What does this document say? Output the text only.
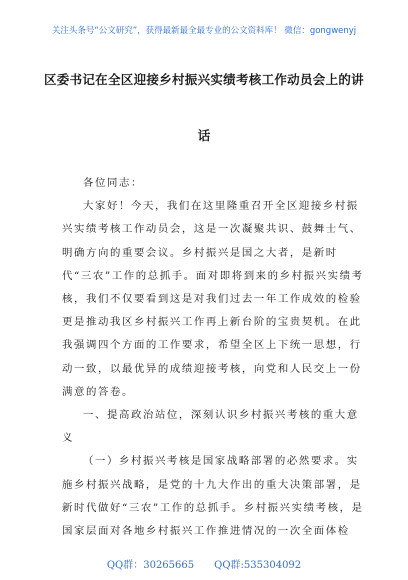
关注头条号“公文研究”，获得最新最全最专业的公文资料库！ 微信：gongwenyj
区委书记在全区迎接乡村振兴实绩考核工作动员会上的讲
话

各位同志：

大家好！今天，我们在这里隆重召开全区迎接乡村振兴实绩考核工作动员会，这是一次凝聚共识、鼓舞士气、明确方向的重要会议。乡村振兴是国之大者，是新时代“三农”工作的总抓手。面对即将到来的乡村振兴实绩考核，我们不仅要看到这是对我们过去一年工作成效的检验更是推动我区乡村振兴工作再上新台阶的宝贵契机。在此我强调四个方面的工作要求，希望全区上下统一思想，行动一致，以最优异的成绩迎接考核，向党和人民交上一份满意的答卷。

一、提高政治站位，深刻认识乡村振兴考核的重大意义

（一）乡村振兴考核是国家战略部署的必然要求。实施乡村振兴战略，是党的十九大作出的重大决策部署，是新时代做好“三农”工作的总抓手。乡村振兴实绩考核，是国家层面对各地乡村振兴工作推进情况的一次全面体检

QQ群：30265665 QQ群:535304092
